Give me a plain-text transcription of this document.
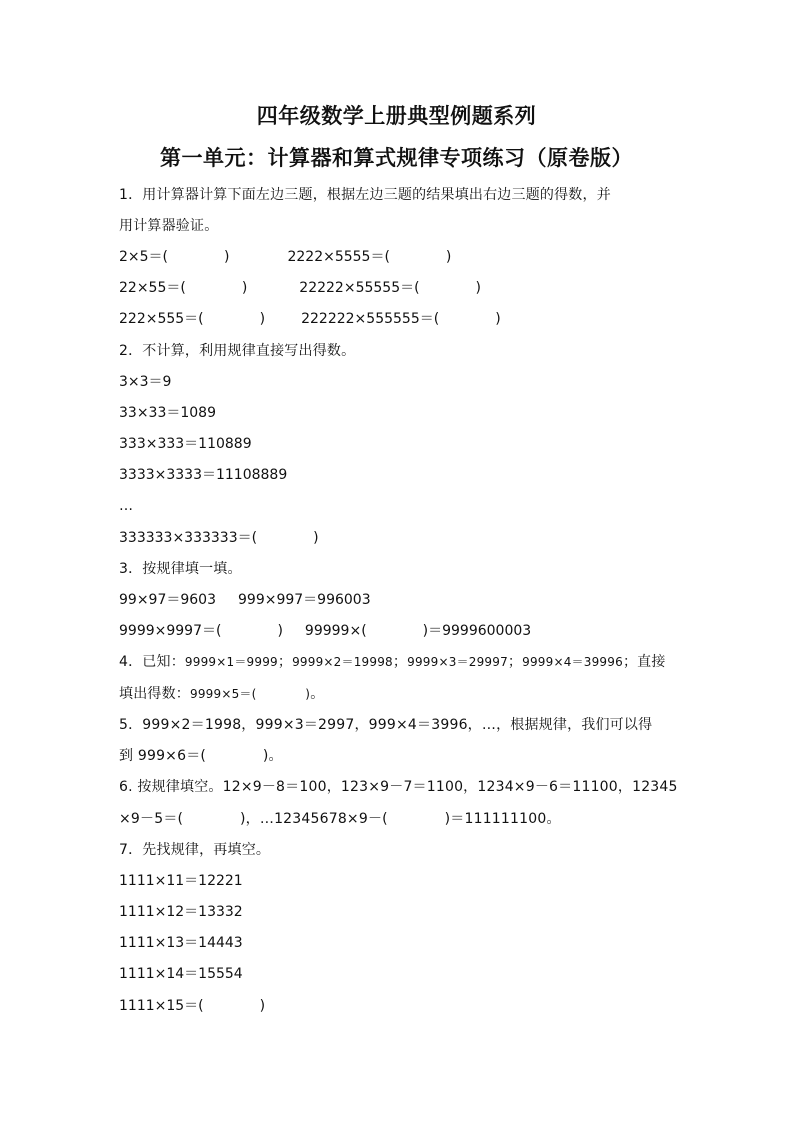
四年级数学上册典型例题系列
第一单元：计算器和算式规律专项练习（原卷版）
1．用计算器计算下面左边三题，根据左边三题的结果填出右边三题的得数，并
用计算器验证。
2×5＝(　　　　)	2222×5555＝(　　　　)
22×55＝(　　　　)	22222×55555＝(　　　　)
222×555＝(　　　　)	222222×555555＝(　　　　)
2．不计算，利用规律直接写出得数。
3×3＝9
33×33＝1089
333×333＝110889
3333×3333＝11108889
…
333333×333333＝(　　　　)
3．按规律填一填。
99×97＝9603 999×997＝996003
9999×9997＝(　　　　) 99999×(　　　　)＝9999600003
4．已知：9999×1＝9999；9999×2＝19998；9999×3＝29997；9999×4＝39996；直接
填出得数：9999×5＝(　　　　)。
5．999×2＝1998，999×3＝2997，999×4＝3996，…，根据规律，我们可以得
到 999×6＝(　　　　)。
6. 按规律填空。12×9－8＝100，123×9－7＝1100，1234×9－6＝11100，12345
×9－5＝(　　　　)，…12345678×9－(　　　　)＝111111100。
7．先找规律，再填空。
1111×11＝12221
1111×12＝13332
1111×13＝14443
1111×14＝15554
1111×15＝(　　　　)
